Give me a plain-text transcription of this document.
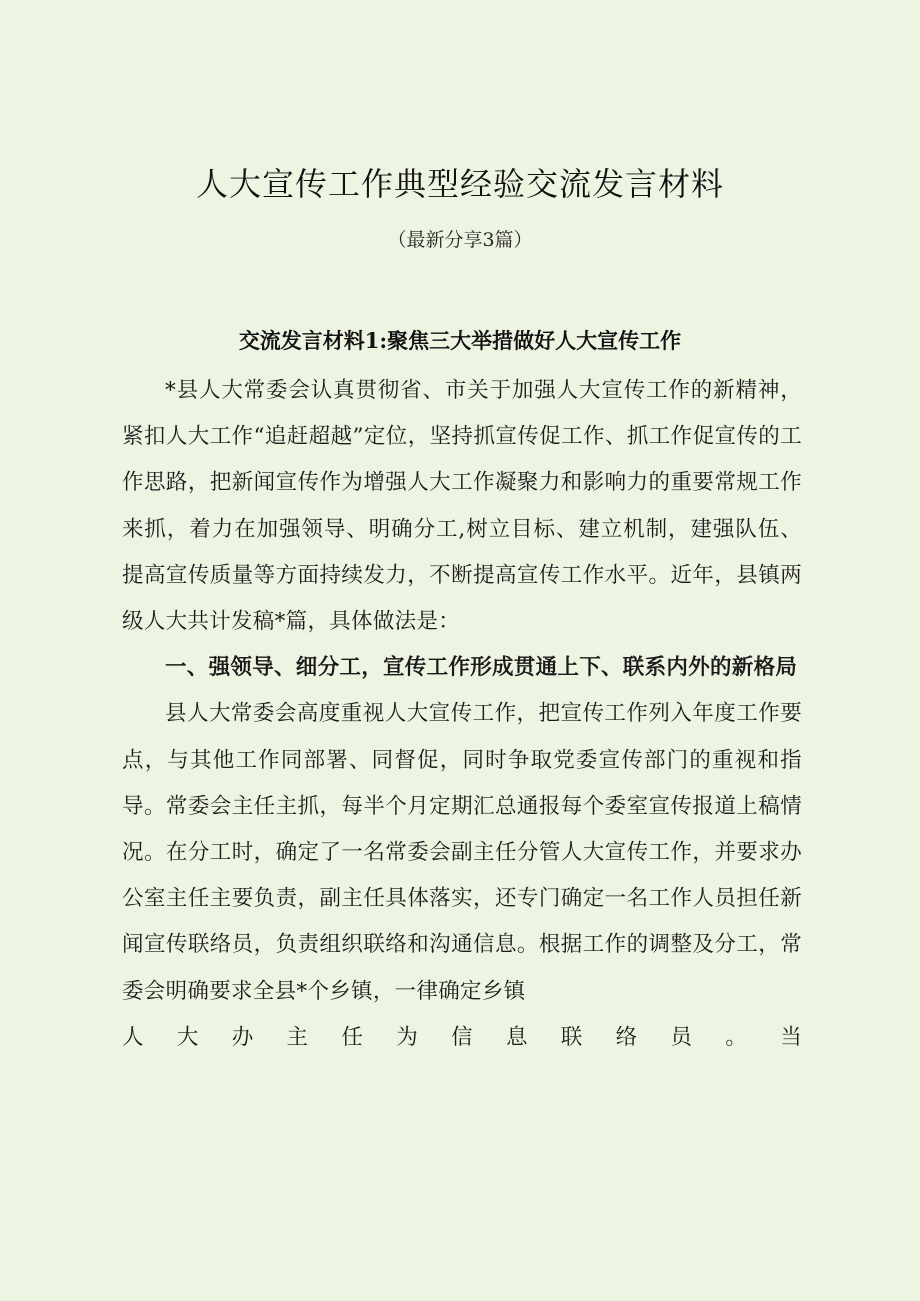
人大宣传工作典型经验交流发言材料
（最新分享3篇）
交流发言材料1:聚焦三大举措做好人大宣传工作

*县人大常委会认真贯彻省、市关于加强人大宣传工作的新精神，紧扣人大工作“追赶超越”定位，坚持抓宣传促工作、抓工作促宣传的工作思路，把新闻宣传作为增强人大工作凝聚力和影响力的重要常规工作来抓，着力在加强领导、明确分工,树立目标、建立机制，建强队伍、提高宣传质量等方面持续发力，不断提高宣传工作水平。近年，县镇两级人大共计发稿*篇，具体做法是：

一、强领导、细分工，宣传工作形成贯通上下、联系内外的新格局

县人大常委会高度重视人大宣传工作，把宣传工作列入年度工作要点，与其他工作同部署、同督促，同时争取党委宣传部门的重视和指导。常委会主任主抓，每半个月定期汇总通报每个委室宣传报道上稿情况。在分工时，确定了一名常委会副主任分管人大宣传工作，并要求办公室主任主要负责，副主任具体落实，还专门确定一名工作人员担任新闻宣传联络员，负责组织联络和沟通信息。根据工作的调整及分工，常委会明确要求全县*个乡镇，一律确定乡镇

人大办主任为信息联络员。当
